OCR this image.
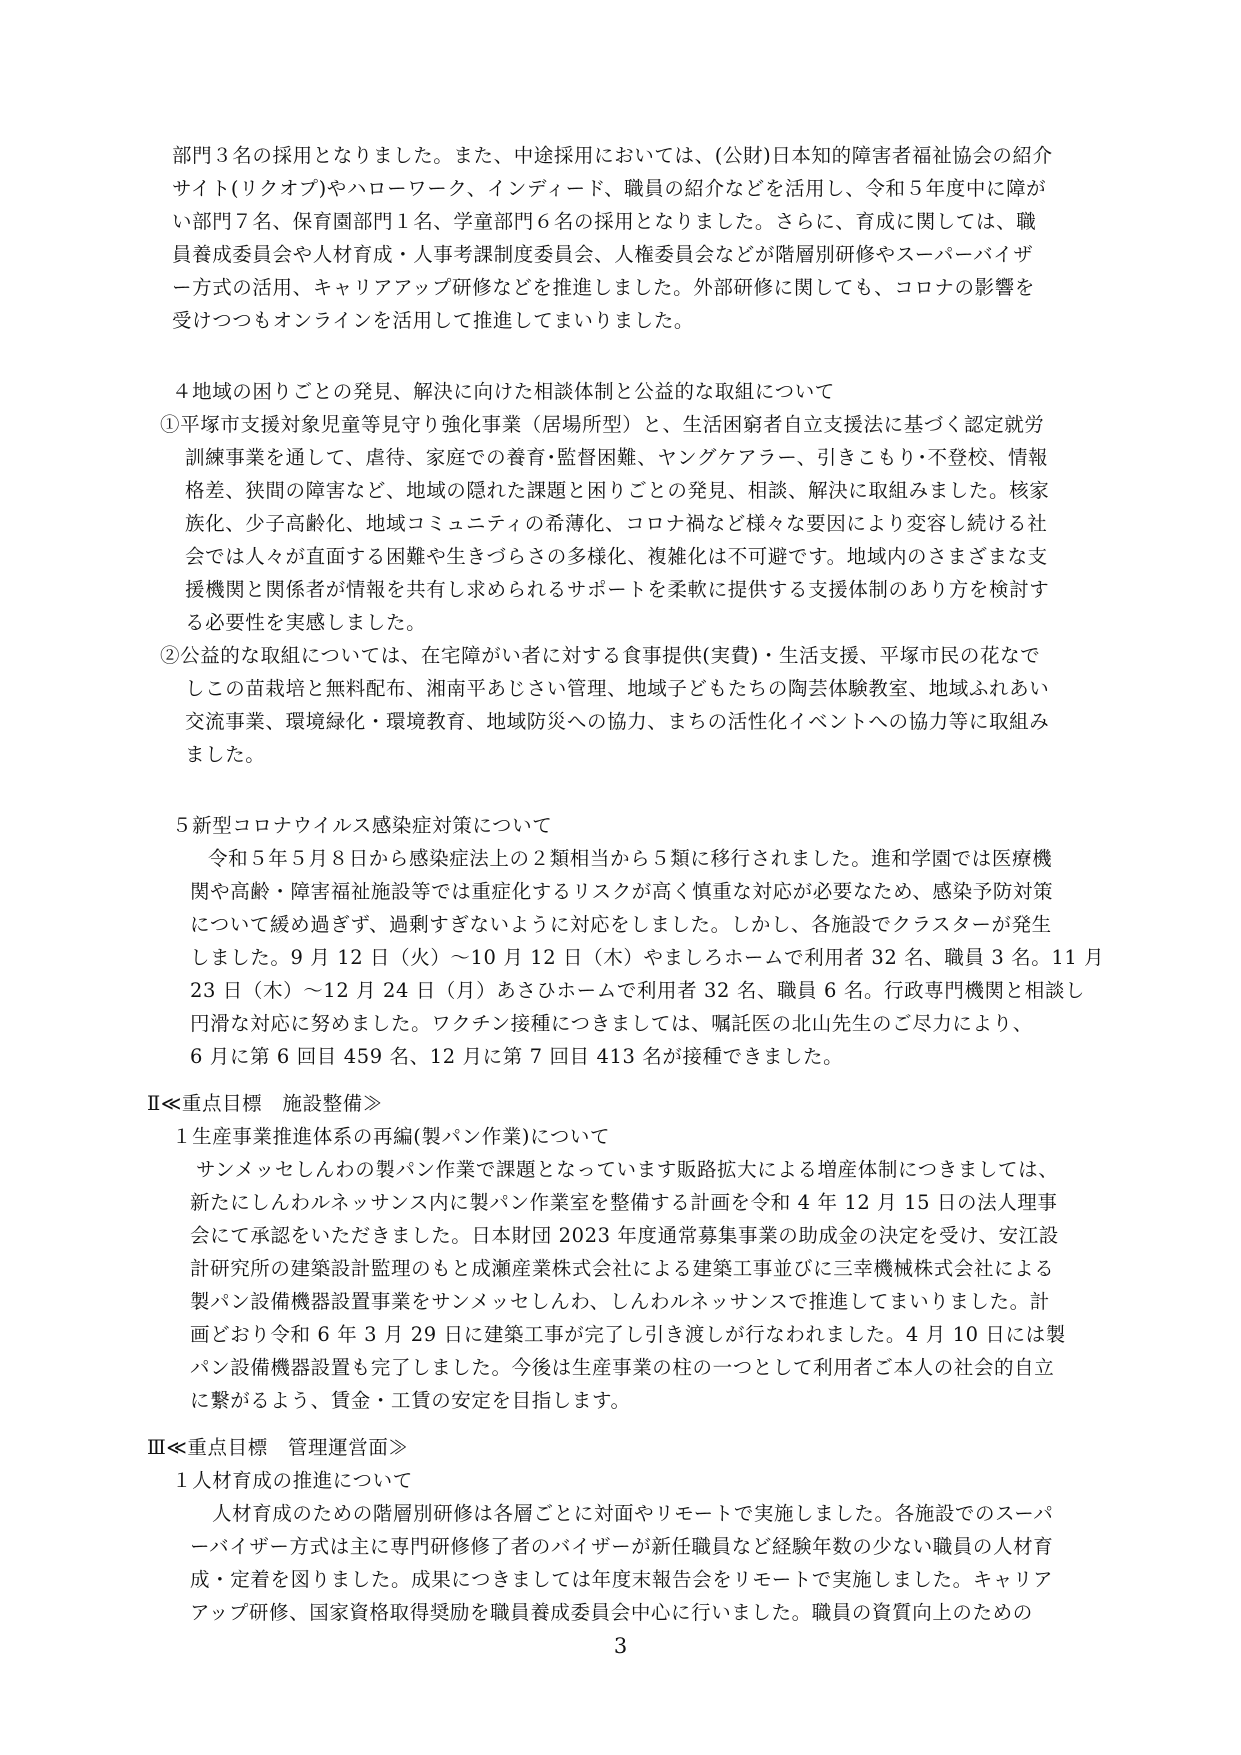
部門３名の採用となりました。また、中途採用においては、(公財)日本知的障害者福祉協会の紹介
サイト(リクオプ)やハローワーク、インディード、職員の紹介などを活用し、令和５年度中に障が
い部門７名、保育園部門１名、学童部門６名の採用となりました。さらに、育成に関しては、職
員養成委員会や人材育成・人事考課制度委員会、人権委員会などが階層別研修やスーパーバイザ
ー方式の活用、キャリアアップ研修などを推進しました。外部研修に関しても、コロナの影響を
受けつつもオンラインを活用して推進してまいりました。
４地域の困りごとの発見、解決に向けた相談体制と公益的な取組について
①平塚市支援対象児童等見守り強化事業（居場所型）と、生活困窮者自立支援法に基づく認定就労
訓練事業を通して、虐待、家庭での養育･監督困難、ヤングケアラー、引きこもり･不登校、情報
格差、狭間の障害など、地域の隠れた課題と困りごとの発見、相談、解決に取組みました。核家
族化、少子高齢化、地域コミュニティの希薄化、コロナ禍など様々な要因により変容し続ける社
会では人々が直面する困難や生きづらさの多様化、複雑化は不可避です。地域内のさまざまな支
援機関と関係者が情報を共有し求められるサポートを柔軟に提供する支援体制のあり方を検討す
る必要性を実感しました。
②公益的な取組については、在宅障がい者に対する食事提供(実費)・生活支援、平塚市民の花なで
しこの苗栽培と無料配布、湘南平あじさい管理、地域子どもたちの陶芸体験教室、地域ふれあい
交流事業、環境緑化・環境教育、地域防災への協力、まちの活性化イベントへの協力等に取組み
ました。
５新型コロナウイルス感染症対策について
令和５年５月８日から感染症法上の２類相当から５類に移行されました。進和学園では医療機
関や高齢・障害福祉施設等では重症化するリスクが高く慎重な対応が必要なため、感染予防対策
について緩め過ぎず、過剰すぎないように対応をしました。しかし、各施設でクラスターが発生
しました。9 月 12 日（火）～10 月 12 日（木）やましろホームで利用者 32 名、職員 3 名。11 月
23 日（木）～12 月 24 日（月）あさひホームで利用者 32 名、職員 6 名。行政専門機関と相談し
円滑な対応に努めました。ワクチン接種につきましては、嘱託医の北山先生のご尽力により、
6 月に第 6 回目 459 名、12 月に第 7 回目 413 名が接種できました。
Ⅱ≪重点目標　施設整備≫
１生産事業推進体系の再編(製パン作業)について
サンメッセしんわの製パン作業で課題となっています販路拡大による増産体制につきましては、
新たにしんわルネッサンス内に製パン作業室を整備する計画を令和 4 年 12 月 15 日の法人理事
会にて承認をいただきました。日本財団 2023 年度通常募集事業の助成金の決定を受け、安江設
計研究所の建築設計監理のもと成瀬産業株式会社による建築工事並びに三幸機械株式会社による
製パン設備機器設置事業をサンメッセしんわ、しんわルネッサンスで推進してまいりました。計
画どおり令和 6 年 3 月 29 日に建築工事が完了し引き渡しが行なわれました。4 月 10 日には製
パン設備機器設置も完了しました。今後は生産事業の柱の一つとして利用者ご本人の社会的自立
に繋がるよう、賃金・工賃の安定を目指します。
Ⅲ≪重点目標　管理運営面≫
１人材育成の推進について
人材育成のための階層別研修は各層ごとに対面やリモートで実施しました。各施設でのスーパ
ーバイザー方式は主に専門研修修了者のバイザーが新任職員など経験年数の少ない職員の人材育
成・定着を図りました。成果につきましては年度末報告会をリモートで実施しました。キャリア
アップ研修、国家資格取得奨励を職員養成委員会中心に行いました。職員の資質向上のための
3
